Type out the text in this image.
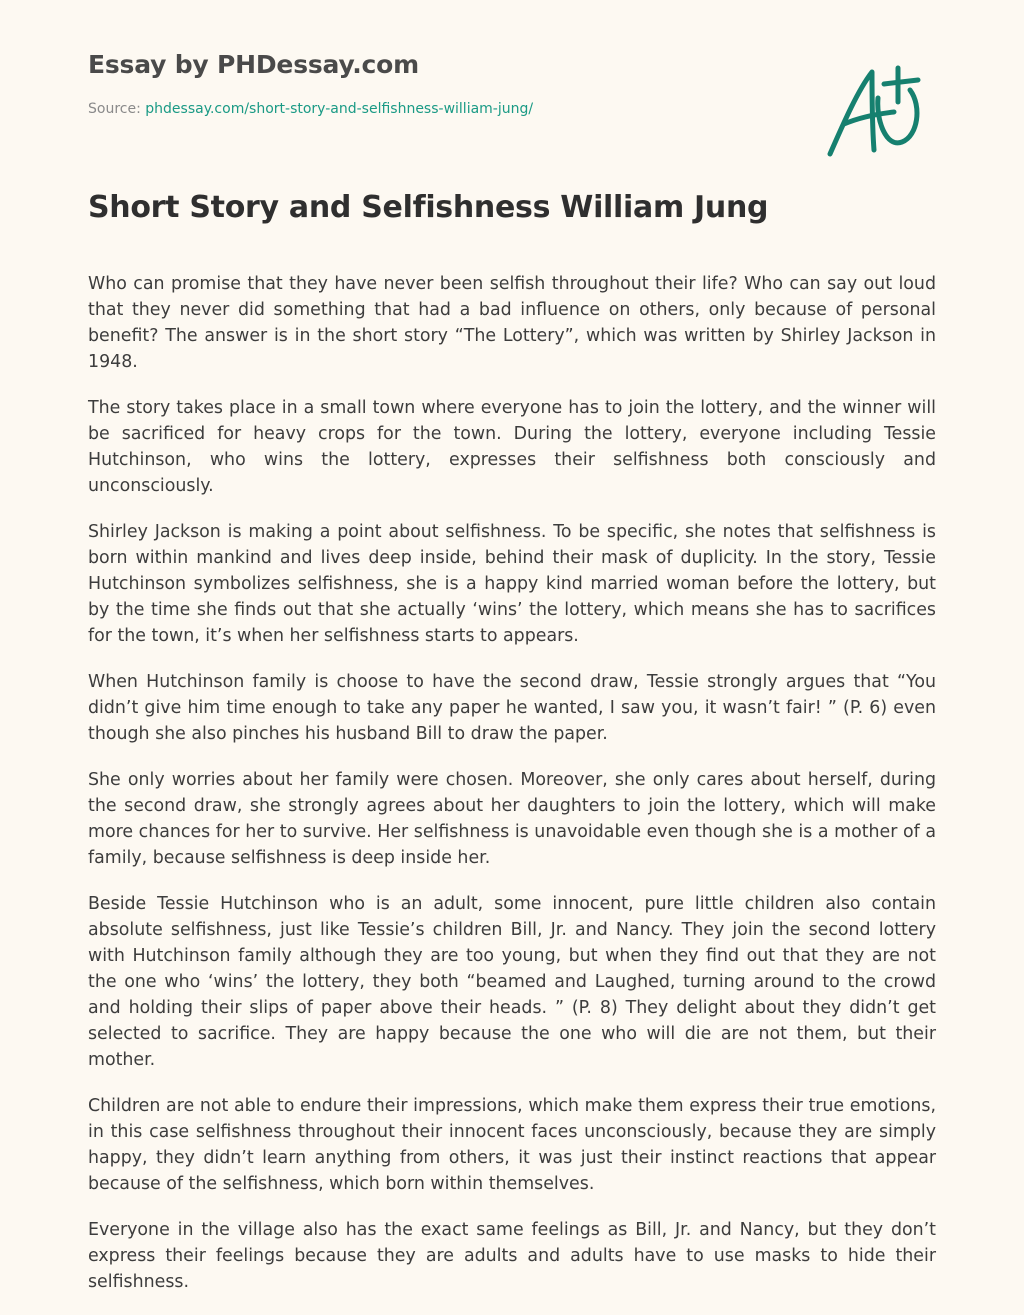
Essay by PHDessay.com
Source: phdessay.com/short-story-and-selfishness-william-jung/
Short Story and Selfishness William Jung

Who can promise that they have never been selfish throughout their life? Who can say out loud that they never did something that had a bad influence on others, only because of personal benefit? The answer is in the short story “The Lottery”, which was written by Shirley Jackson in 1948.

The story takes place in a small town where everyone has to join the lottery, and the winner will be sacrificed for heavy crops for the town. During the lottery, everyone including Tessie Hutchinson, who wins the lottery, expresses their selfishness both consciously and unconsciously.

Shirley Jackson is making a point about selfishness. To be specific, she notes that selfishness is born within mankind and lives deep inside, behind their mask of duplicity. In the story, Tessie Hutchinson symbolizes selfishness, she is a happy kind married woman before the lottery, but by the time she finds out that she actually ‘wins’ the lottery, which means she has to sacrifices for the town, it’s when her selfishness starts to appears.

When Hutchinson family is choose to have the second draw, Tessie strongly argues that “You didn’t give him time enough to take any paper he wanted, I saw you, it wasn’t fair! ” (P. 6) even though she also pinches his husband Bill to draw the paper.

She only worries about her family were chosen. Moreover, she only cares about herself, during the second draw, she strongly agrees about her daughters to join the lottery, which will make more chances for her to survive. Her selfishness is unavoidable even though she is a mother of a family, because selfishness is deep inside her.

Beside Tessie Hutchinson who is an adult, some innocent, pure little children also contain absolute selfishness, just like Tessie’s children Bill, Jr. and Nancy. They join the second lottery with Hutchinson family although they are too young, but when they find out that they are not the one who ‘wins’ the lottery, they both “beamed and Laughed, turning around to the crowd and holding their slips of paper above their heads. ” (P. 8) They delight about they didn’t get selected to sacrifice. They are happy because the one who will die are not them, but their mother.

Children are not able to endure their impressions, which make them express their true emotions, in this case selfishness throughout their innocent faces unconsciously, because they are simply happy, they didn’t learn anything from others, it was just their instinct reactions that appear because of the selfishness, which born within themselves.

Everyone in the village also has the exact same feelings as Bill, Jr. and Nancy, but they don’t express their feelings because they are adults and adults have to use masks to hide their selfishness.
